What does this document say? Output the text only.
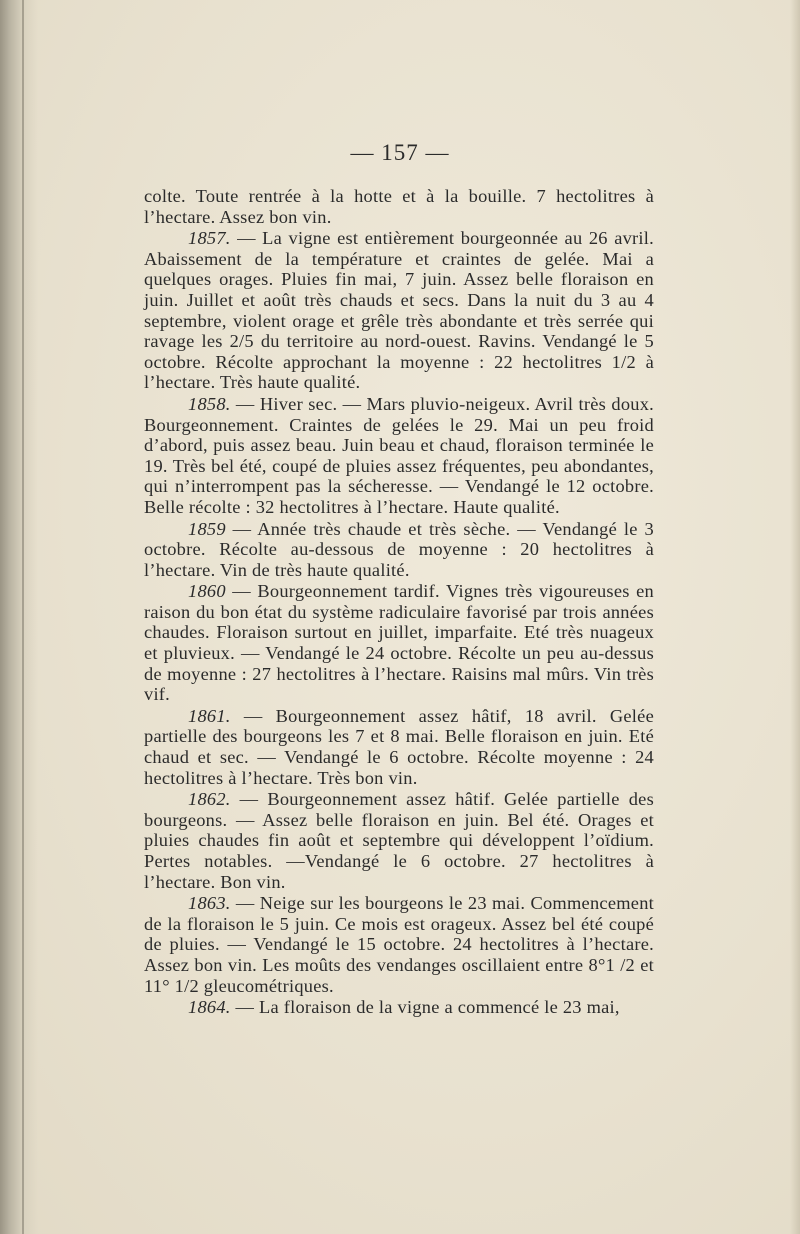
— 157 —

colte. Toute rentrée à la hotte et à la bouille. 7 hectolitres à l’hectare. Assez bon vin.

1857. — La vigne est entièrement bourgeonnée au 26 avril. Abaissement de la température et craintes de gelée. Mai a quelques orages. Pluies fin mai, 7 juin. Assez belle floraison en juin. Juillet et août très chauds et secs. Dans la nuit du 3 au 4 septembre, violent orage et grêle très abondante et très serrée qui ravage les 2/5 du territoire au nord-ouest. Ravins. Vendangé le 5 octobre. Récolte approchant la moyenne : 22 hectolitres 1/2 à l’hectare. Très haute qualité.

1858. — Hiver sec. — Mars pluvio-neigeux. Avril très doux. Bourgeonnement. Craintes de gelées le 29. Mai un peu froid d’abord, puis assez beau. Juin beau et chaud, floraison terminée le 19. Très bel été, coupé de pluies assez fréquentes, peu abondantes, qui n’interrompent pas la sécheresse. — Vendangé le 12 octobre. Belle récolte : 32 hectolitres à l’hectare. Haute qualité.

1859 — Année très chaude et très sèche. — Vendangé le 3 octobre. Récolte au-dessous de moyenne : 20 hectolitres à l’hectare. Vin de très haute qualité.

1860 — Bourgeonnement tardif. Vignes très vigoureuses en raison du bon état du système radiculaire favorisé par trois années chaudes. Floraison surtout en juillet, imparfaite. Eté très nuageux et pluvieux. — Vendangé le 24 octobre. Récolte un peu au-dessus de moyenne : 27 hectolitres à l’hectare. Raisins mal mûrs. Vin très vif.

1861. — Bourgeonnement assez hâtif, 18 avril. Gelée partielle des bourgeons les 7 et 8 mai. Belle floraison en juin. Eté chaud et sec. — Vendangé le 6 octobre. Récolte moyenne : 24 hectolitres à l’hectare. Très bon vin.

1862. — Bourgeonnement assez hâtif. Gelée partielle des bourgeons. — Assez belle floraison en juin. Bel été. Orages et pluies chaudes fin août et septembre qui développent l’oïdium. Pertes notables. —Vendangé le 6 octobre. 27 hectolitres à l’hectare. Bon vin.

1863. — Neige sur les bourgeons le 23 mai. Commencement de la floraison le 5 juin. Ce mois est orageux. Assez bel été coupé de pluies. — Vendangé le 15 octobre. 24 hectolitres à l’hectare. Assez bon vin. Les moûts des vendanges oscillaient entre 8°1 /2 et 11° 1/2 gleucométriques.

1864. — La floraison de la vigne a commencé le 23 mai,
